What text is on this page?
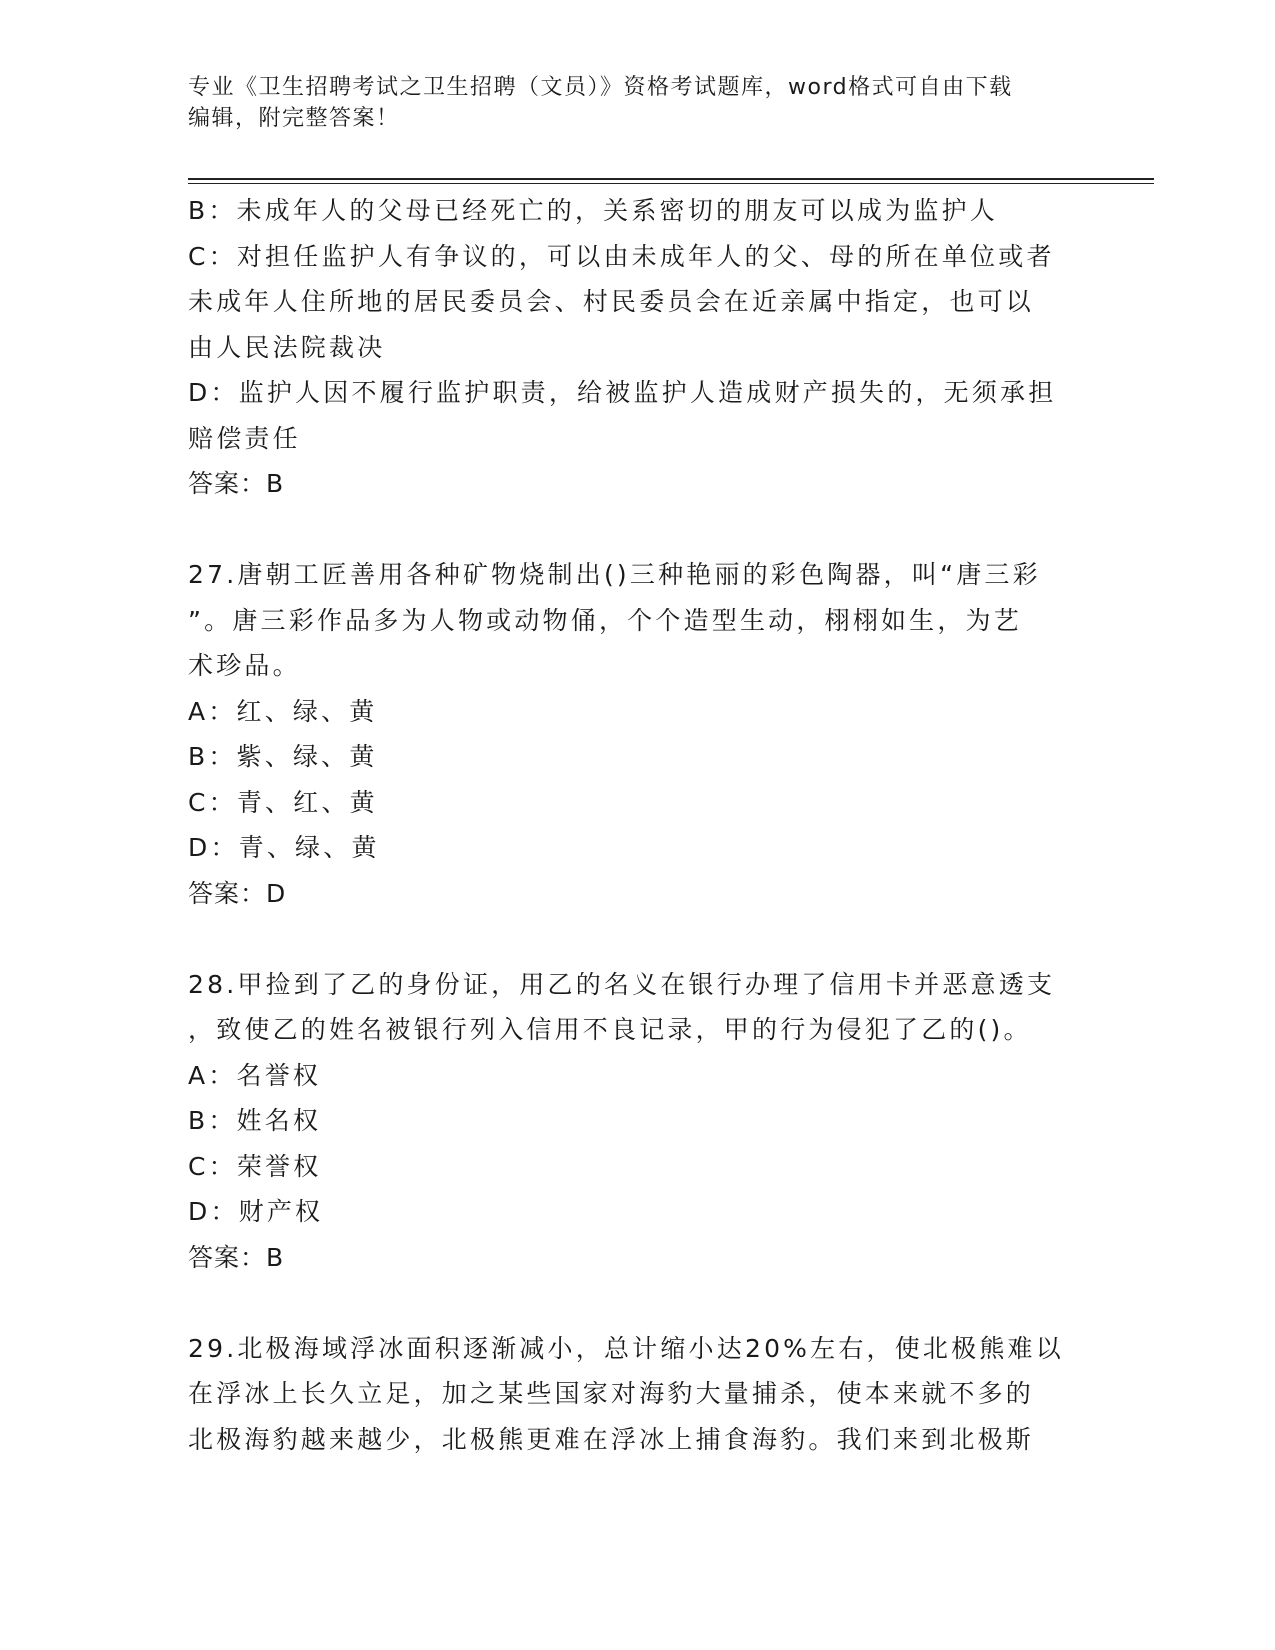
专业《卫生招聘考试之卫生招聘（文员）》资格考试题库，word格式可自由下载
编辑，附完整答案！
B：未成年人的父母已经死亡的，关系密切的朋友可以成为监护人
C：对担任监护人有争议的，可以由未成年人的父、母的所在单位或者
未成年人住所地的居民委员会、村民委员会在近亲属中指定，也可以
由人民法院裁决
D：监护人因不履行监护职责，给被监护人造成财产损失的，无须承担
赔偿责任
答案：B
27.唐朝工匠善用各种矿物烧制出()三种艳丽的彩色陶器，叫“唐三彩
”。唐三彩作品多为人物或动物俑，个个造型生动，栩栩如生，为艺
术珍品。
A：红、绿、黄
B：紫、绿、黄
C：青、红、黄
D：青、绿、黄
答案：D
28.甲捡到了乙的身份证，用乙的名义在银行办理了信用卡并恶意透支
，致使乙的姓名被银行列入信用不良记录，甲的行为侵犯了乙的()。
A：名誉权
B：姓名权
C：荣誉权
D：财产权
答案：B
29.北极海域浮冰面积逐渐减小，总计缩小达20%左右，使北极熊难以
在浮冰上长久立足，加之某些国家对海豹大量捕杀，使本来就不多的
北极海豹越来越少，北极熊更难在浮冰上捕食海豹。我们来到北极斯
